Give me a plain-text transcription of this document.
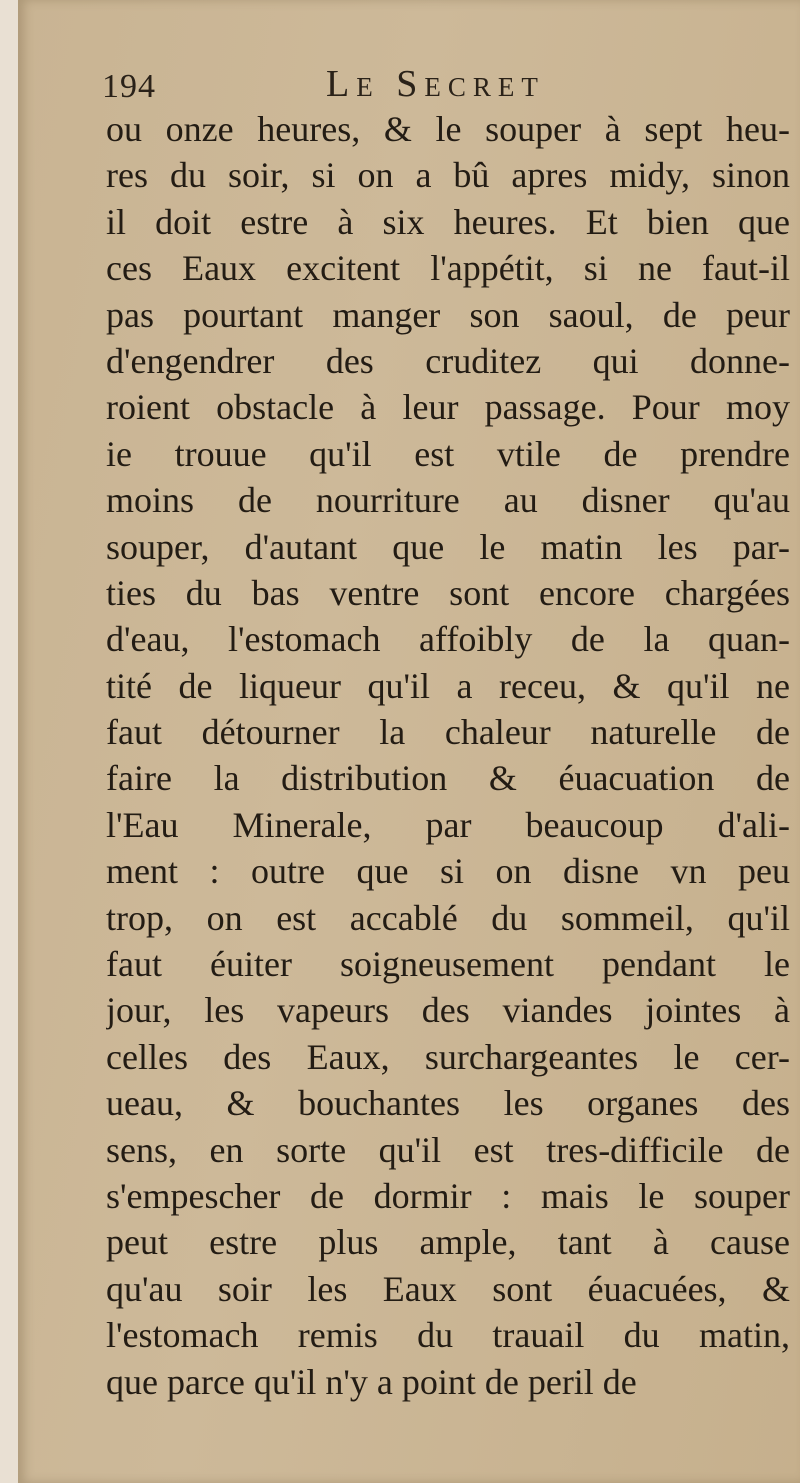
194	Le Secret
ou onze heures, & le souper à sept heu-
res du soir, si on a bû apres midy, sinon
il doit estre à six heures. Et bien que
ces Eaux excitent l'appétit, si ne faut-il
pas pourtant manger son saoul, de peur
d'engendrer des cruditez qui donne-
roient obstacle à leur passage. Pour moy
ie trouue qu'il est vtile de prendre
moins de nourriture au disner qu'au
souper, d'autant que le matin les par-
ties du bas ventre sont encore chargées
d'eau, l'estomach affoibly de la quan-
tité de liqueur qu'il a receu, & qu'il ne
faut détourner la chaleur naturelle de
faire la distribution & éuacuation de
l'Eau Minerale, par beaucoup d'ali-
ment : outre que si on disne vn peu
trop, on est accablé du sommeil, qu'il
faut éuiter soigneusement pendant le
jour, les vapeurs des viandes jointes à
celles des Eaux, surchargeantes le cer-
ueau, & bouchantes les organes des
sens, en sorte qu'il est tres-difficile de
s'empescher de dormir : mais le souper
peut estre plus ample, tant à cause
qu'au soir les Eaux sont éuacuées, &
l'estomach remis du trauail du matin,
que parce qu'il n'y a point de peril de
